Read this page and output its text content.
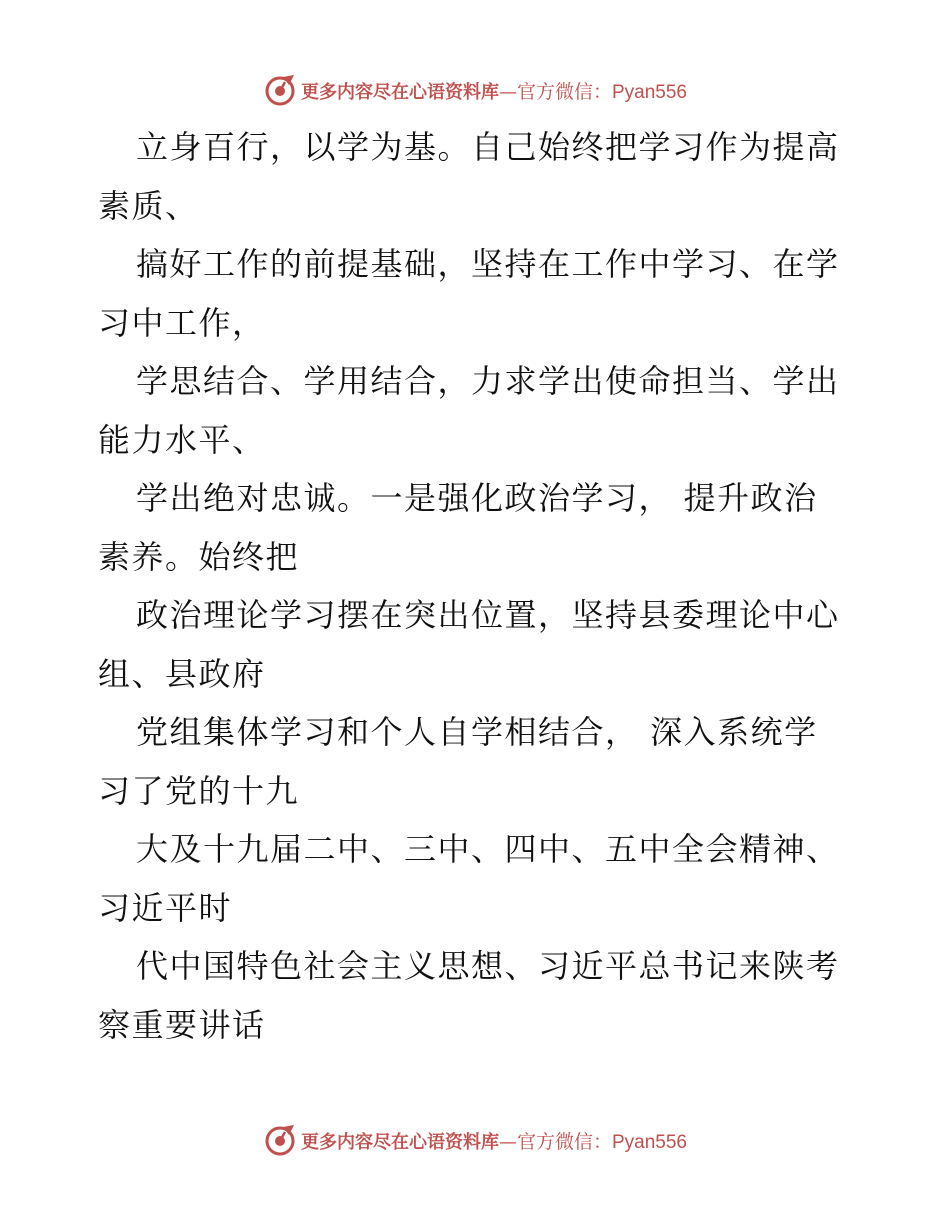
更多内容尽在心语资料库—官方微信：Pyan556

立身百行，以学为基。自己始终把学习作为提高
素质、

搞好工作的前提基础，坚持在工作中学习、在学
习中工作，

学思结合、学用结合，力求学出使命担当、学出
能力水平、

学出绝对忠诚。一是强化政治学习， 提升政治
素养。始终把

政治理论学习摆在突出位置，坚持县委理论中心
组、县政府

党组集体学习和个人自学相结合， 深入系统学
习了党的十九

大及十九届二中、三中、四中、五中全会精神、
习近平时

代中国特色社会主义思想、习近平总书记来陕考
察重要讲话

更多内容尽在心语资料库—官方微信：Pyan556
